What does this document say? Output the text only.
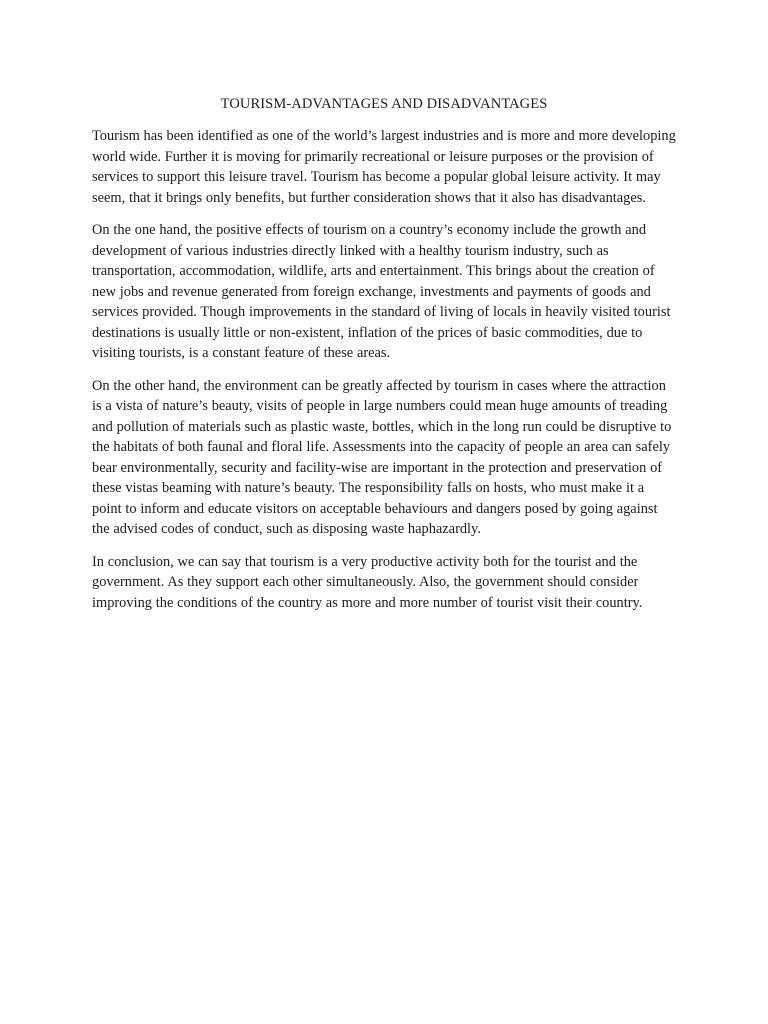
TOURISM-ADVANTAGES AND DISADVANTAGES

Tourism has been identified as one of the world’s largest industries and is more and more developing world wide. Further it is moving for primarily recreational or leisure purposes or the provision of services to support this leisure travel. Tourism has become a popular global leisure activity. It may seem, that it brings only benefits, but further consideration shows that it also has disadvantages.

On the one hand, the positive effects of tourism on a country’s economy include the growth and development of various industries directly linked with a healthy tourism industry, such as transportation, accommodation, wildlife, arts and entertainment. This brings about the creation of new jobs and revenue generated from foreign exchange, investments and payments of goods and services provided. Though improvements in the standard of living of locals in heavily visited tourist destinations is usually little or non-existent, inflation of the prices of basic commodities, due to visiting tourists, is a constant feature of these areas.

On the other hand, the environment can be greatly affected by tourism in cases where the attraction is a vista of nature’s beauty, visits of people in large numbers could mean huge amounts of treading and pollution of materials such as plastic waste, bottles, which in the long run could be disruptive to the habitats of both faunal and floral life. Assessments into the capacity of people an area can safely bear environmentally, security and facility-wise are important in the protection and preservation of these vistas beaming with nature’s beauty. The responsibility falls on hosts, who must make it a point to inform and educate visitors on acceptable behaviours and dangers posed by going against the advised codes of conduct, such as disposing waste haphazardly.

In conclusion, we can say that tourism is a very productive activity both for the tourist and the government. As they support each other simultaneously. Also, the government should consider improving the conditions of the country as more and more number of tourist visit their country.
